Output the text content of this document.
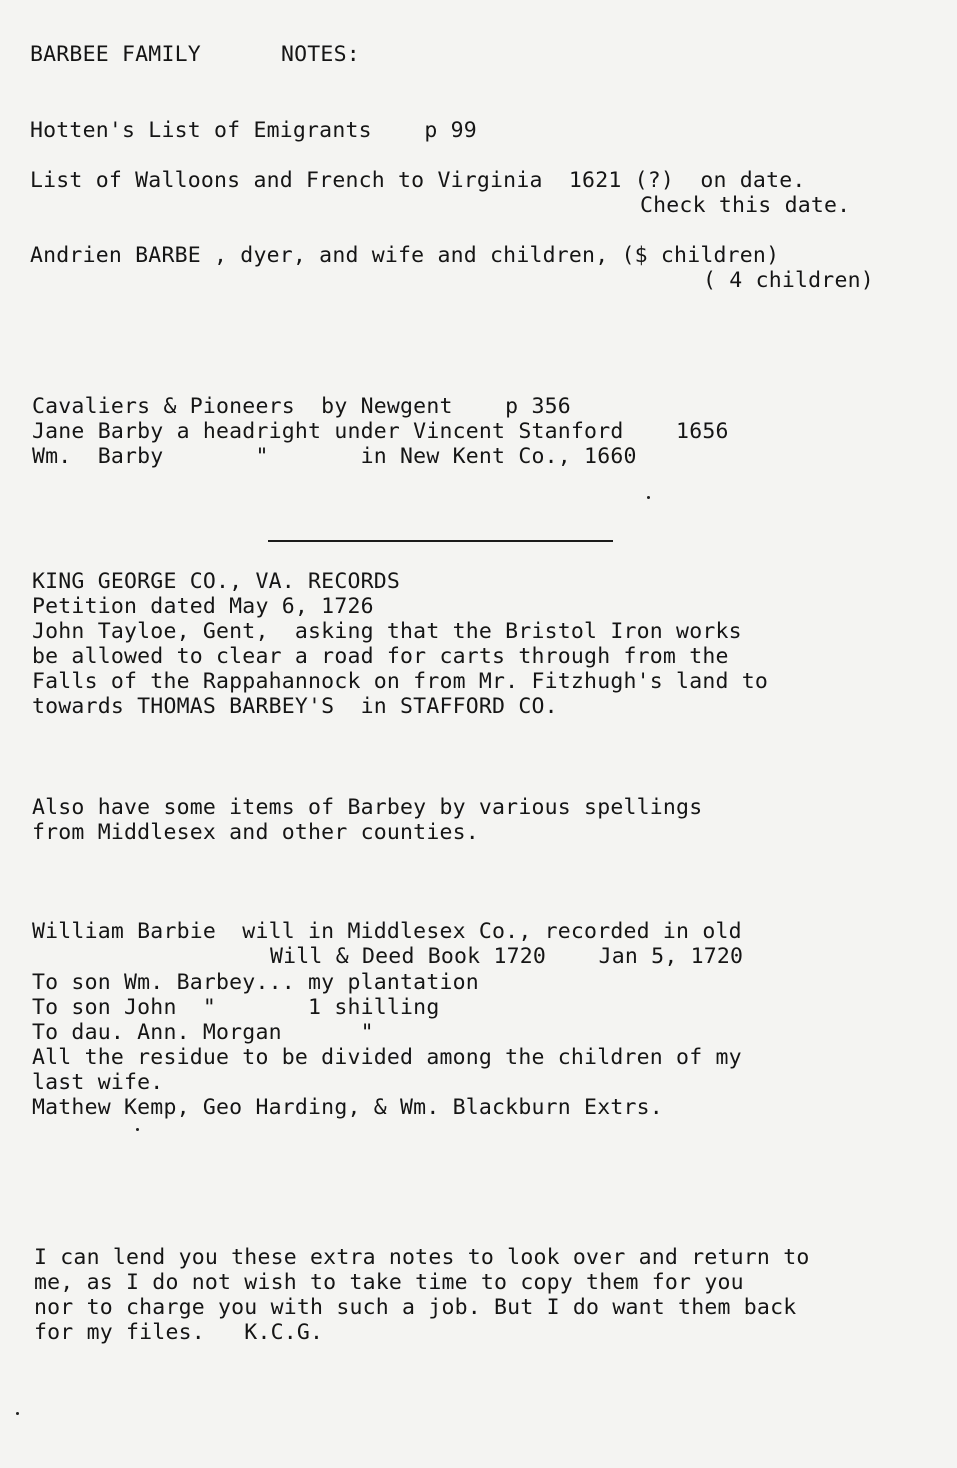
BARBEE FAMILY	NOTES:
Hotten's List of Emigrants    p 99
List of Walloons and French to Virginia  1621 (?)  on date.
Check this date.
Andrien BARBE , dyer, and wife and children, ($ children)
( 4 children)
Cavaliers & Pioneers  by Newgent    p 356
Jane Barby a headright under Vincent Stanford    1656
Wm.  Barby       "       in New Kent Co., 1660
KING GEORGE CO., VA. RECORDS
Petition dated May 6, 1726
John Tayloe, Gent,  asking that the Bristol Iron works
be allowed to clear a road for carts through from the
Falls of the Rappahannock on from Mr. Fitzhugh's land to
towards THOMAS BARBEY'S  in STAFFORD CO.
Also have some items of Barbey by various spellings
from Middlesex and other counties.
William Barbie  will in Middlesex Co., recorded in old
Will & Deed Book 1720    Jan 5, 1720
To son Wm. Barbey... my plantation
To son John  "       1 shilling
To dau. Ann. Morgan      "
All the residue to be divided among the children of my
last wife.
Mathew Kemp, Geo Harding, & Wm. Blackburn Extrs.
I can lend you these extra notes to look over and return to
me, as I do not wish to take time to copy them for you
nor to charge you with such a job. But I do want them back
for my files.   K.C.G.
